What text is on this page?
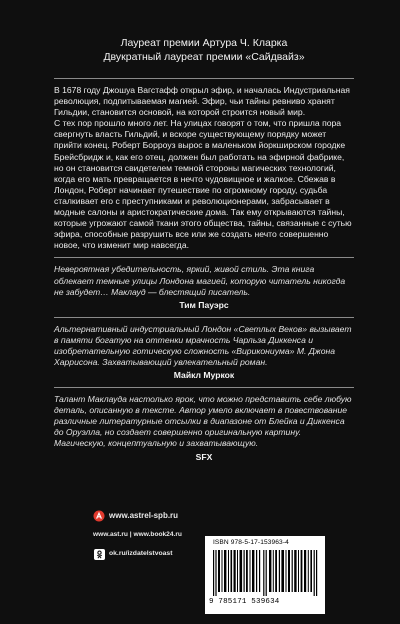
Лауреат премии Артура Ч. Кларка
Двукратный лауреат премии «Сайдвайз»

В 1678 году Джошуа Вагстафф открыл эфир, и началась Индустриальная революция, подпитываемая магией. Эфир, чьи тайны ревниво хранят Гильдии, становится основой, на которой строится новый мир.

С тех пор прошло много лет. На улицах говорят о том, что пришла пора свергнуть власть Гильдий, и вскоре существующему порядку может прийти конец. Роберт Борроуз вырос в маленьком йоркширском городке Брейсбридж и, как его отец, должен был работать на эфирной фабрике, но он становится свидетелем темной стороны магических технологий, когда его мать превращается в нечто чудовищное и жалкое. Сбежав в Лондон, Роберт начинает путешествие по огромному городу, судьба сталкивает его с преступниками и революционерами, забрасывает в модные салоны и аристократические дома. Так ему открываются тайны, которые угрожают самой ткани этого общества, тайны, связанные с сутью эфира, способные разрушить все или же создать нечто совершенно новое, что изменит мир навсегда.

Невероятная убедительность, яркий, живой стиль. Эта книга облекает темные улицы Лондона магией, которую читатель никогда не забудет… Маклауд — блестящий писатель.

Тим Пауэрс

Альтернативный индустриальный Лондон «Светлых Веков» вызывает в памяти богатую на оттенки мрачность Чарльза Диккенса и изобретательную готическую сложность «Вирикониума» М. Джона Харрисона. Захватывающий увлекательный роман.

Майкл Муркок

Талант Маклауда настолько ярок, что можно представить себе любую деталь, описанную в тексте. Автор умело включает в повествование различные литературные отсылки в диапазоне от Блейка и Диккенса до Оруэлла, но создает совершенно оригинальную картину. Магическую, концептуальную и захватывающую.

SFX
www.astrel-spb.ru
www.ast.ru | www.book24.ru
ok.ru/izdatelstvoast
ISBN 978-5-17-153963-4
9 785171 539634
